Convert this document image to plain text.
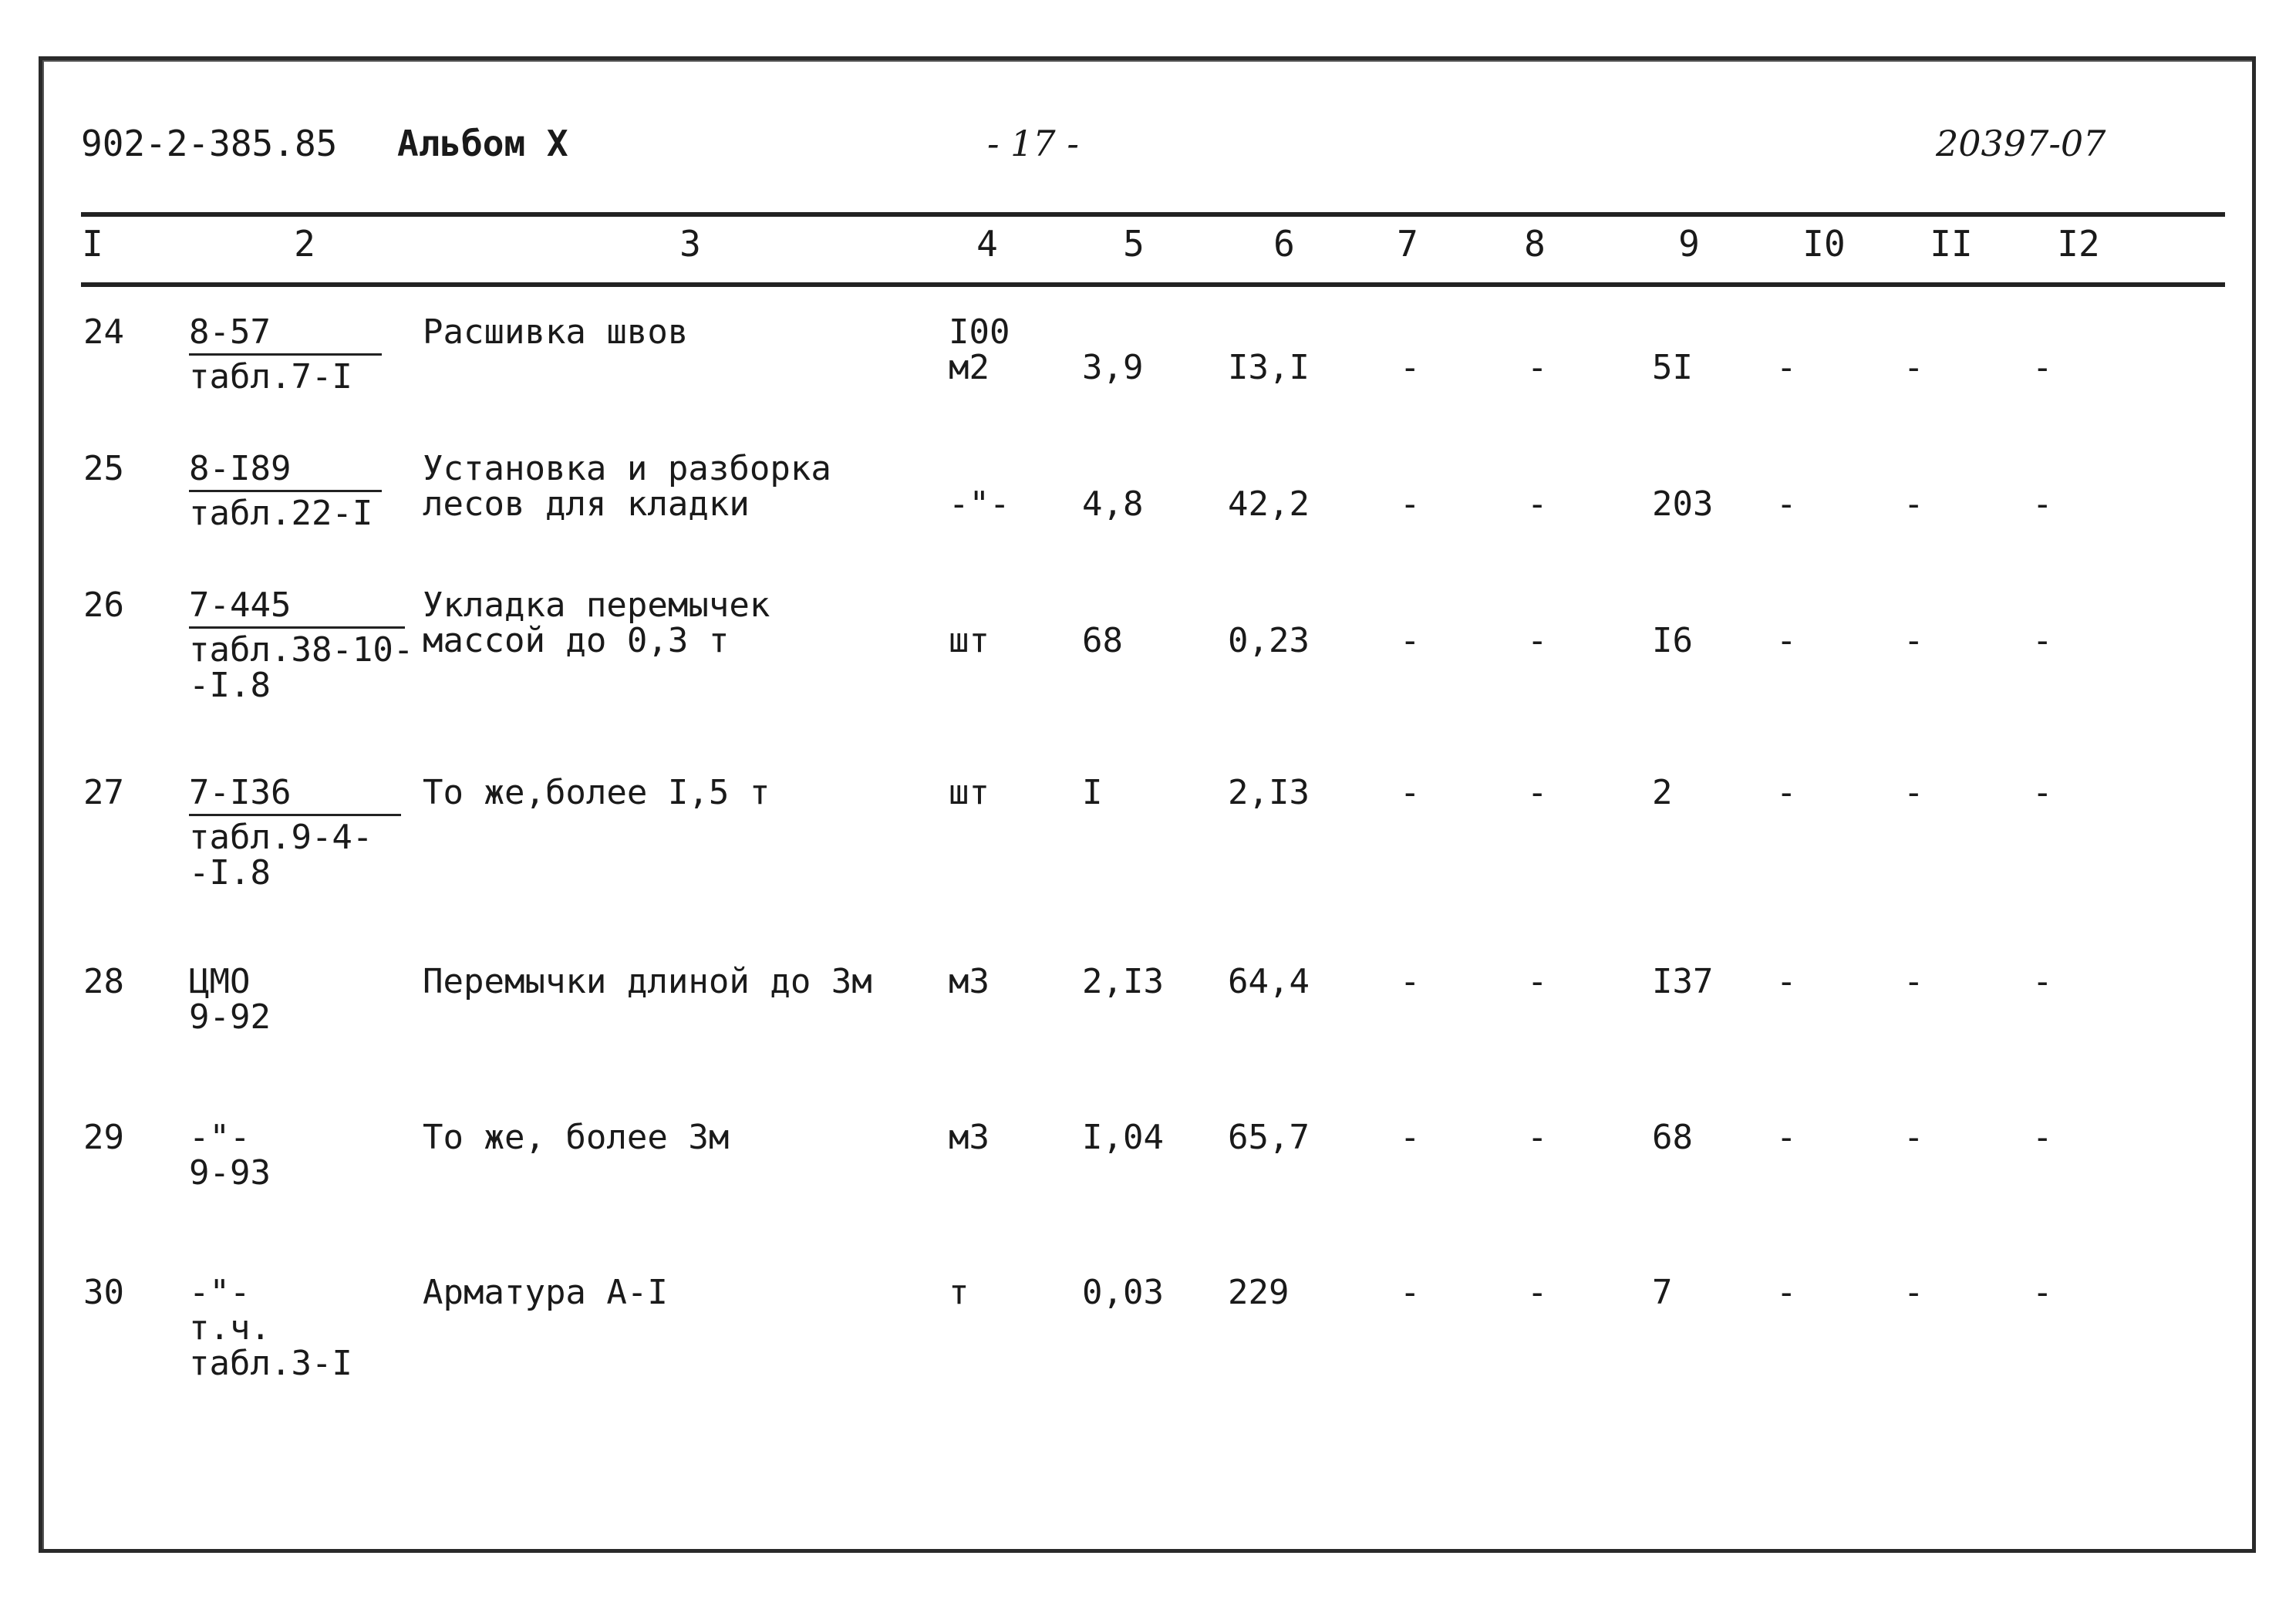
902-2-385.85 Альбом X	- 17 -	20397-07
I	2	3	4	5	6	7	8	9	I0 II I2
24 8-57
табл.7-I
Расшивка швов	I00
м2	3,9 I3,I	5I
-	-	-	-	-
25 8-I89
табл.22-I
Установка и разборка
лесов для кладки	-"- 4,8 42,2	203
-	-	-	-	-
26 7-445
табл.38-10-
-I.8
Укладка перемычек
массой до 0,3 т	шт	68	0,23	I6
-	-	-	-	-
27 7-I36
табл.9-4-
-I.8
То же,более I,5 т	шт	I	2,I3	2
-	-	-	-	-
28 ЦМО
9-92
Перемычки длиной до 3м м3	2,I3 64,4	I37
-	-	-	-	-
29 -"-
9-93
То же, более 3м	м3	I,04 65,7	68
-	-	-	-	-
30 -"-
т.ч.
табл.3-I
Арматура А-I	т	0,03 229	7
-	-	-	-	-
